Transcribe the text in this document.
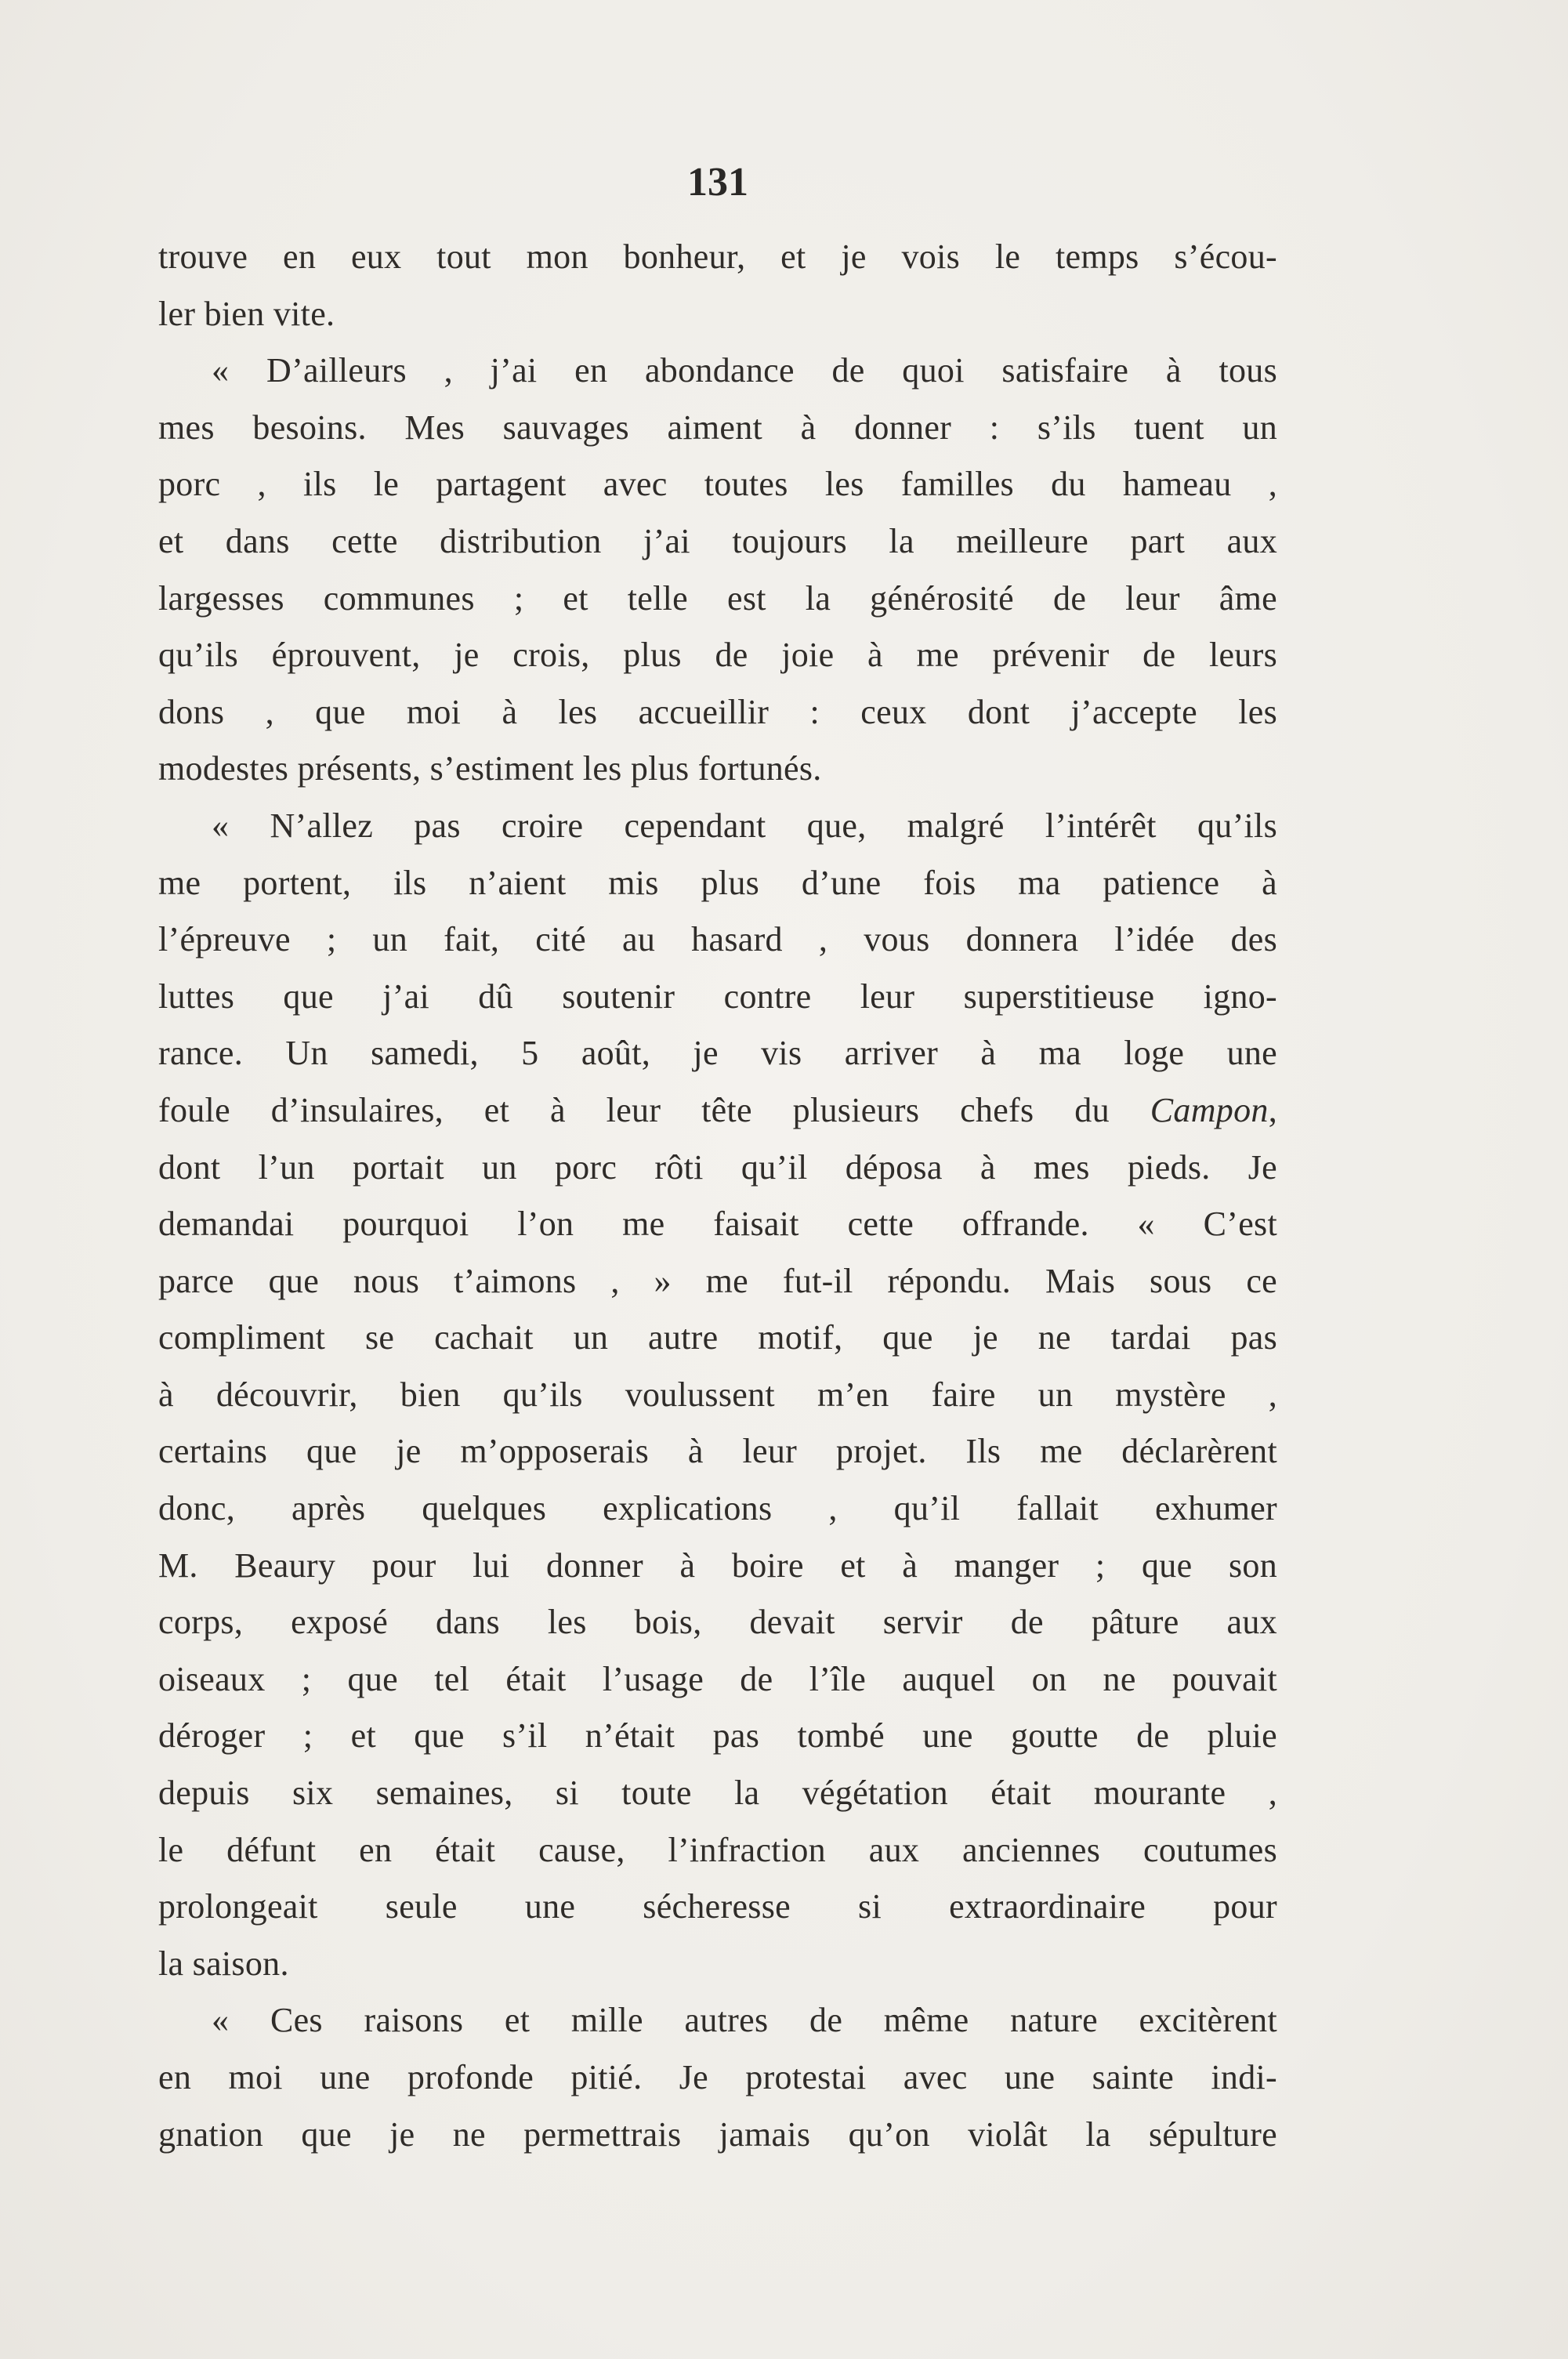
131
trouve en eux tout mon bonheur, et je vois le temps s’écou-
ler bien vite.
« D’ailleurs , j’ai en abondance de quoi satisfaire à tous
mes besoins. Mes sauvages aiment à donner : s’ils tuent un
porc , ils le partagent avec toutes les familles du hameau ,
et dans cette distribution j’ai toujours la meilleure part aux
largesses communes ; et telle est la générosité de leur âme
qu’ils éprouvent, je crois, plus de joie à me prévenir de leurs
dons , que moi à les accueillir : ceux dont j’accepte les
modestes présents, s’estiment les plus fortunés.
« N’allez pas croire cependant que, malgré l’intérêt qu’ils
me portent, ils n’aient mis plus d’une fois ma patience à
l’épreuve ; un fait, cité au hasard , vous donnera l’idée des
luttes que j’ai dû soutenir contre leur superstitieuse igno-
rance. Un samedi, 5 août, je vis arriver à ma loge une
foule d’insulaires, et à leur tête plusieurs chefs du Campon,
dont l’un portait un porc rôti qu’il déposa à mes pieds. Je
demandai pourquoi l’on me faisait cette offrande. « C’est
parce que nous t’aimons , » me fut-il répondu. Mais sous ce
compliment se cachait un autre motif, que je ne tardai pas
à découvrir, bien qu’ils voulussent m’en faire un mystère ,
certains que je m’opposerais à leur projet. Ils me déclarèrent
donc, après quelques explications , qu’il fallait exhumer
M. Beaury pour lui donner à boire et à manger ; que son
corps, exposé dans les bois, devait servir de pâture aux
oiseaux ; que tel était l’usage de l’île auquel on ne pouvait
déroger ; et que s’il n’était pas tombé une goutte de pluie
depuis six semaines, si toute la végétation était mourante ,
le défunt en était cause, l’infraction aux anciennes coutumes
prolongeait seule une sécheresse si extraordinaire pour
la saison.
« Ces raisons et mille autres de même nature excitèrent
en moi une profonde pitié. Je protestai avec une sainte indi-
gnation que je ne permettrais jamais qu’on violât la sépulture
